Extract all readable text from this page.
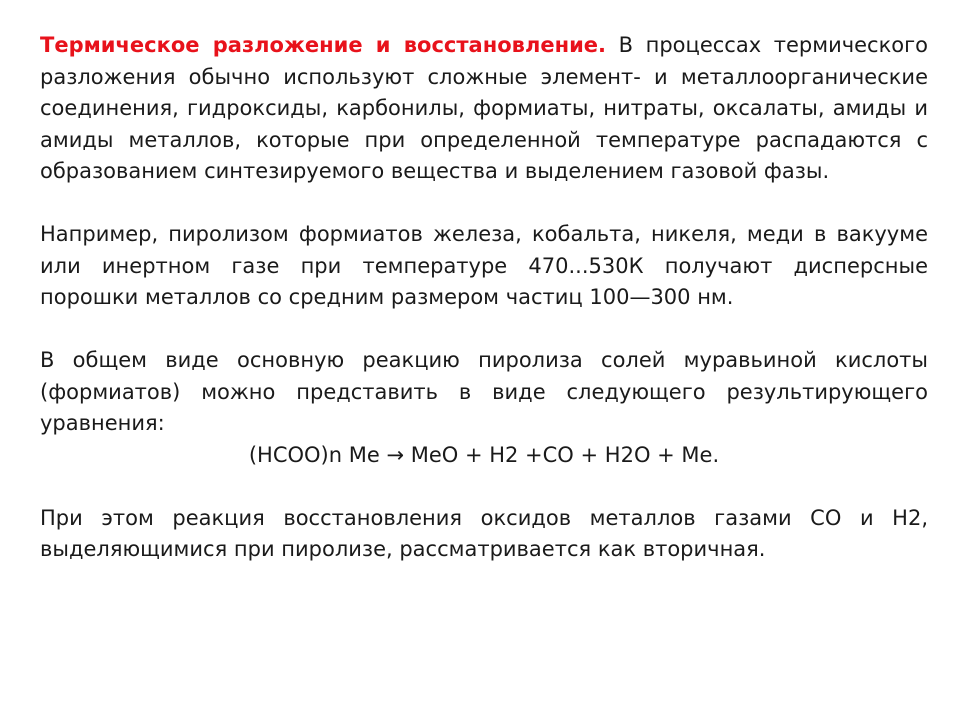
Термическое разложение и восстановление. В процессах термического разложения обычно используют сложные элемент- и металлоорганические соединения, гидроксиды, карбонилы, формиаты, нитраты, оксалаты, амиды и амиды металлов, которые при определенной температуре распадаются с образованием синтезируемого вещества и выделением газовой фазы.

Например, пиролизом формиатов железа, кобальта, никеля, меди в вакууме или инертном газе при температуре 470...530К получают дисперсные порошки металлов со средним размером частиц 100—300 нм.

В общем виде основную реакцию пиролиза солей муравьиной кислоты (формиатов) можно представить в виде следующего результирующего уравнения:
(HCOO)n Me → MeO + H2 +CO + H2O + Me.

При этом реакция восстановления оксидов металлов газами CO и H2, выделяющимися при пиролизе, рассматривается как вторичная.
